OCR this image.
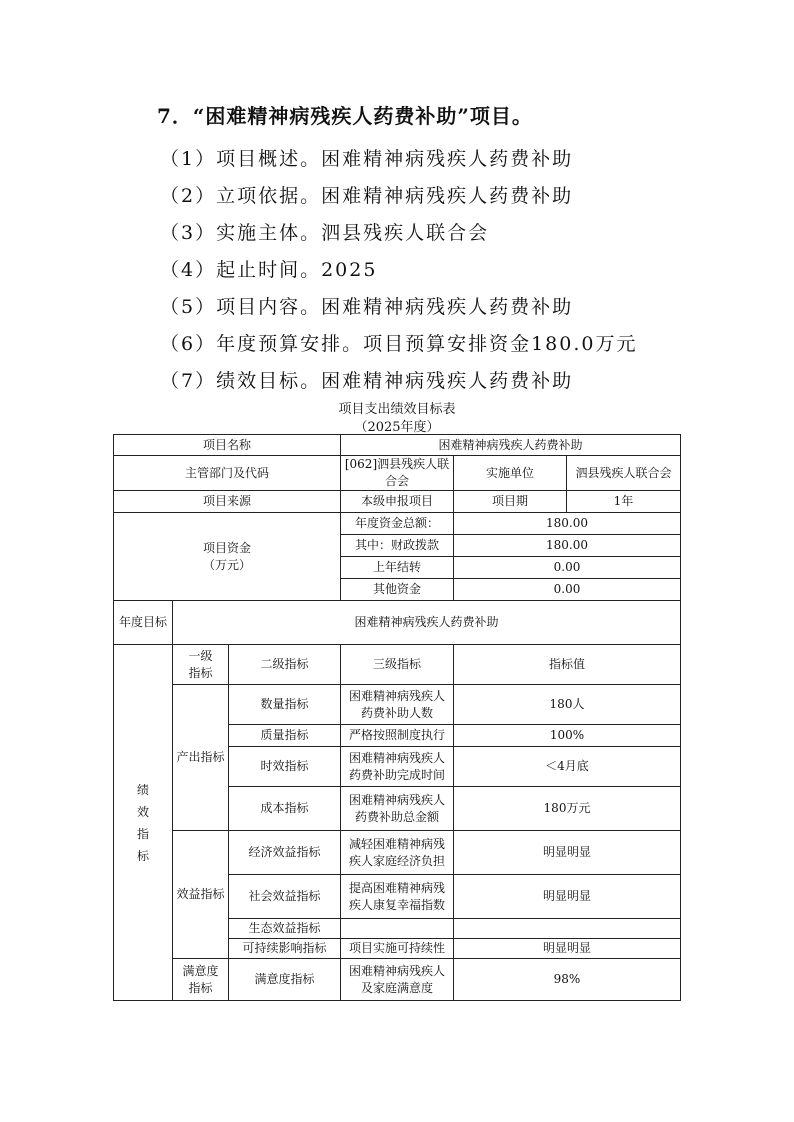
7．“困难精神病残疾人药费补助”项目。
（1）项目概述。困难精神病残疾人药费补助
（2）立项依据。困难精神病残疾人药费补助
（3）实施主体。泗县残疾人联合会
（4）起止时间。2025
（5）项目内容。困难精神病残疾人药费补助
（6）年度预算安排。项目预算安排资金180.0万元
（7）绩效目标。困难精神病残疾人药费补助
项目支出绩效目标表
（2025年度）
项目名称			困难精神病残疾人药费补助		
主管部门及代码			[062]泗县残疾人联合会	实施单位	泗县残疾人联合会
项目来源			本级申报项目	项目期	1年

项目资金
（万元）			年度资金总额：	180.00	
			其中：财政拨款	180.00	
			上年结转	0.00	
			其他资金	0.00	
年度目标	困难精神病残疾人药费补助				

绩效指标	一级指标	二级指标	三级指标	指标值	
	产出指标	数量指标	困难精神病残疾人药费补助人数	180人	
		质量指标	严格按照制度执行	100%	
		时效指标	困难精神病残疾人药费补助完成时间	＜4月底	
		成本指标	困难精神病残疾人药费补助总金额	180万元	
	效益指标	经济效益指标	减轻困难精神病残疾人家庭经济负担	明显明显	
		社会效益指标	提高困难精神病残疾人康复幸福指数	明显明显	
		生态效益指标			
		可持续影响指标	项目实施可持续性	明显明显	

	满意度指标	满意度指标	困难精神病残疾人及家庭满意度	98%	
